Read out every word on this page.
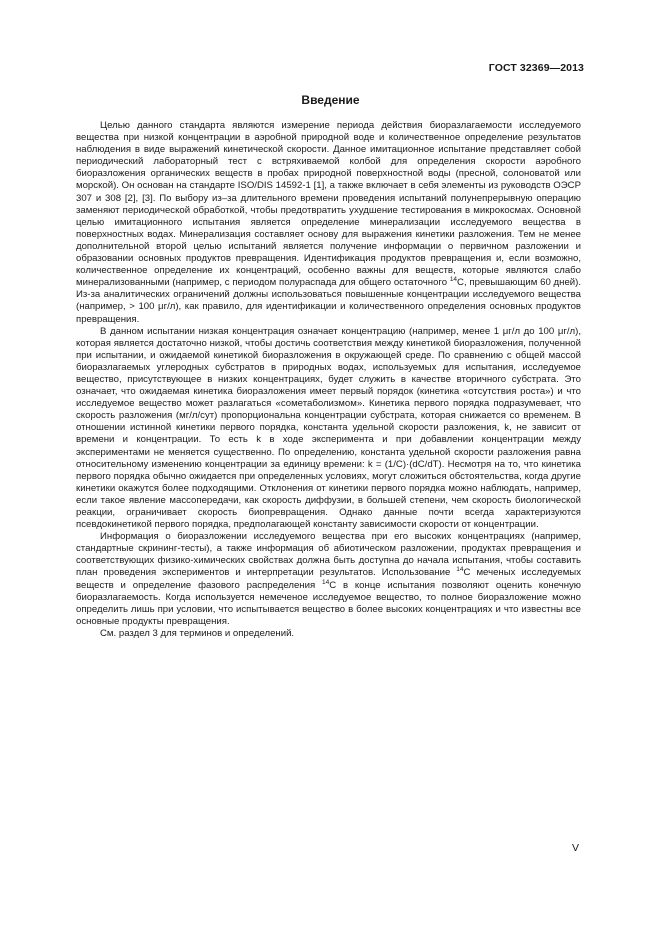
ГОСТ 32369—2013
Введение

Целью данного стандарта являются измерение периода действия биоразлагаемости исследуемого вещества при низкой концентрации в аэробной природной воде и количественное определение результатов наблюдения в виде выражений кинетической скорости. Данное имитационное испытание представляет собой периодический лабораторный тест с встряхиваемой колбой для определения скорости аэробного биоразложения органических веществ в пробах природной поверхностной воды (пресной, солоноватой или морской). Он основан на стандарте ISO/DIS 14592-1 [1], а также включает в себя элементы из руководств ОЭСР 307 и 308 [2], [3]. По выбору из–за длительного времени проведения испытаний полунепрерывную операцию заменяют периодической обработкой, чтобы предотвратить ухудшение тестирования в микрокосмах. Основной целью имитационного испытания является определение минерализации исследуемого вещества в поверхностных водах. Минерализация составляет основу для выражения кинетики разложения. Тем не менее дополнительной второй целью испытаний является получение информации о первичном разложении и образовании основных продуктов превращения. Идентификация продуктов превращения и, если возможно, количественное определение их концентраций, особенно важны для веществ, которые являются слабо минерализованными (например, с периодом полураспада для общего остаточного $^{14}$C, превышающим 60 дней). Из-за аналитических ограничений должны использоваться повышенные концентрации исследуемого вещества (например, > 100 μг/л), как правило, для идентификации и количественного определения основных продуктов превращения.

В данном испытании низкая концентрация означает концентрацию (например, менее 1 μг/л до 100 μг/л), которая является достаточно низкой, чтобы достичь соответствия между кинетикой биоразложения, полученной при испытании, и ожидаемой кинетикой биоразложения в окружающей среде. По сравнению с общей массой биоразлагаемых углеродных субстратов в природных водах, используемых для испытания, исследуемое вещество, присутствующее в низких концентрациях, будет служить в качестве вторичного субстрата. Это означает, что ожидаемая кинетика биоразложения имеет первый порядок (кинетика «отсутствия роста») и что исследуемое вещество может разлагаться «сометаболизмом». Кинетика первого порядка подразумевает, что скорость разложения (мг/л/сут) пропорциональна концентрации субстрата, которая снижается со временем. В отношении истинной кинетики первого порядка, константа удельной скорости разложения, k, не зависит от времени и концентрации. То есть k в ходе эксперимента и при добавлении концентрации между экспериментами не меняется существенно. По определению, константа удельной скорости разложения равна относительному изменению концентрации за единицу времени: k = (1/C)·(dC/dT). Несмотря на то, что кинетика первого порядка обычно ожидается при определенных условиях, могут сложиться обстоятельства, когда другие кинетики окажутся более подходящими. Отклонения от кинетики первого порядка можно наблюдать, например, если такое явление массопередачи, как скорость диффузии, в большей степени, чем скорость биологической реакции, ограничивает скорость биопревращения. Однако данные почти всегда характеризуются псевдокинетикой первого порядка, предполагающей константу зависимости скорости от концентрации.

Информация о биоразложении исследуемого вещества при его высоких концентрациях (например, стандартные скрининг-тесты), а также информация об абиотическом разложении, продуктах превращения и соответствующих физико-химических свойствах должна быть доступна до начала испытания, чтобы составить план проведения экспериментов и интерпретации результатов. Использование $^{14}$C меченых исследуемых веществ и определение фазового распределения $^{14}$C в конце испытания позволяют оценить конечную биоразлагаемость. Когда используется немеченое исследуемое вещество, то полное биоразложение можно определить лишь при условии, что испытывается вещество в более высоких концентрациях и что известны все основные продукты превращения.

См. раздел 3 для терминов и определений.

V
